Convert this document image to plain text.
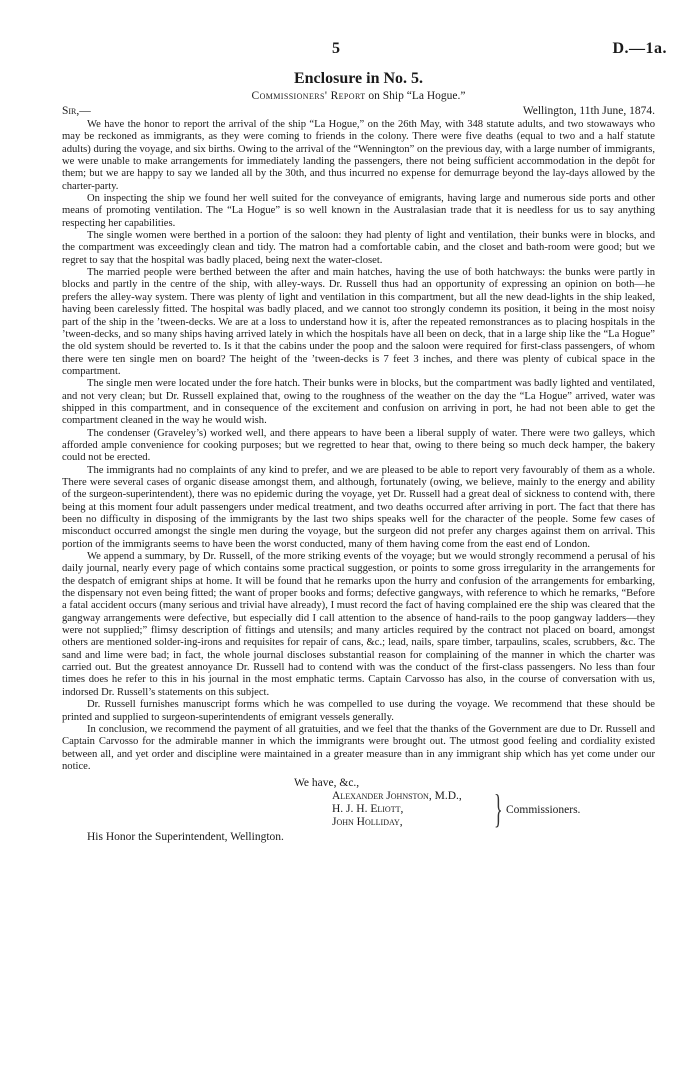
5	D.—1a.
Enclosure in No. 5.
Commissioners' Report on Ship “La Hogue.”
Sir,—	Wellington, 11th June, 1874.

We have the honor to report the arrival of the ship “La Hogue,” on the 26th May, with 348 statute adults, and two stowaways who may be reckoned as immigrants, as they were coming to friends in the colony. There were five deaths (equal to two and a half statute adults) during the voyage, and six births. Owing to the arrival of the “Wennington” on the previous day, with a large number of immigrants, we were unable to make arrangements for immediately landing the passengers, there not being sufficient accommodation in the depôt for them; but we are happy to say we landed all by the 30th, and thus incurred no expense for demurrage beyond the lay-days allowed by the charter-party.

On inspecting the ship we found her well suited for the conveyance of emigrants, having large and numerous side ports and other means of promoting ventilation. The “La Hogue” is so well known in the Australasian trade that it is needless for us to say anything respecting her capabilities.

The single women were berthed in a portion of the saloon: they had plenty of light and ventilation, their bunks were in blocks, and the compartment was exceedingly clean and tidy. The matron had a comfortable cabin, and the closet and bath-room were good; but we regret to say that the hospital was badly placed, being next the water-closet.

The married people were berthed between the after and main hatches, having the use of both hatchways: the bunks were partly in blocks and partly in the centre of the ship, with alley-ways. Dr. Russell thus had an opportunity of expressing an opinion on both—he prefers the alley-way system. There was plenty of light and ventilation in this compartment, but all the new dead-lights in the ship leaked, having been carelessly fitted. The hospital was badly placed, and we cannot too strongly condemn its position, it being in the most noisy part of the ship in the ’tween-decks. We are at a loss to understand how it is, after the repeated remonstrances as to placing hospitals in the ’tween-decks, and so many ships having arrived lately in which the hospitals have all been on deck, that in a large ship like the “La Hogue” the old system should be reverted to. Is it that the cabins under the poop and the saloon were required for first-class passengers, of whom there were ten single men on board? The height of the ’tween-decks is 7 feet 3 inches, and there was plenty of cubical space in the compartment.

The single men were located under the fore hatch. Their bunks were in blocks, but the compartment was badly lighted and ventilated, and not very clean; but Dr. Russell explained that, owing to the roughness of the weather on the day the “La Hogue” arrived, water was shipped in this compartment, and in consequence of the excitement and confusion on arriving in port, he had not been able to get the compartment cleaned in the way he would wish.

The condenser (Graveley’s) worked well, and there appears to have been a liberal supply of water. There were two galleys, which afforded ample convenience for cooking purposes; but we regretted to hear that, owing to there being so much deck hamper, the bakery could not be erected.

The immigrants had no complaints of any kind to prefer, and we are pleased to be able to report very favourably of them as a whole. There were several cases of organic disease amongst them, and although, fortunately (owing, we believe, mainly to the energy and ability of the surgeon-superintendent), there was no epidemic during the voyage, yet Dr. Russell had a great deal of sickness to contend with, there being at this moment four adult passengers under medical treatment, and two deaths occurred after arriving in port. The fact that there has been no difficulty in disposing of the immigrants by the last two ships speaks well for the character of the people. Some few cases of misconduct occurred amongst the single men during the voyage, but the surgeon did not prefer any charges against them on arrival. This portion of the immigrants seems to have been the worst conducted, many of them having come from the east end of London.

We append a summary, by Dr. Russell, of the more striking events of the voyage; but we would strongly recommend a perusal of his daily journal, nearly every page of which contains some practical suggestion, or points to some gross irregularity in the arrangements for the despatch of emigrant ships at home. It will be found that he remarks upon the hurry and confusion of the arrangements for embarking, the dispensary not even being fitted; the want of proper books and forms; defective gangways, with reference to which he remarks, “Before a fatal accident occurs (many serious and trivial have already), I must record the fact of having complained ere the ship was cleared that the gangway arrangements were defective, but especially did I call attention to the absence of hand-rails to the poop gangway ladders—they were not supplied;” flimsy description of fittings and utensils; and many articles required by the contract not placed on board, amongst others are mentioned solder-ing-irons and requisites for repair of cans, &c.; lead, nails, spare timber, tarpaulins, scales, scrubbers, &c. The sand and lime were bad; in fact, the whole journal discloses substantial reason for complaining of the manner in which the charter was carried out. But the greatest annoyance Dr. Russell had to contend with was the conduct of the first-class passengers. No less than four times does he refer to this in his journal in the most emphatic terms. Captain Carvosso has also, in the course of conversation with us, indorsed Dr. Russell’s statements on this subject.

Dr. Russell furnishes manuscript forms which he was compelled to use during the voyage. We recommend that these should be printed and supplied to surgeon-superintendents of emigrant vessels generally.

In conclusion, we recommend the payment of all gratuities, and we feel that the thanks of the Government are due to Dr. Russell and Captain Carvosso for the admirable manner in which the immigrants were brought out. The utmost good feeling and cordiality existed between all, and yet order and discipline were maintained in a greater measure than in any immigrant ship which has yet come under our notice.

We have, &c.,
Alexander Johnston, M.D.,
H. J. H. Eliott,
John Holliday,	} Commissioners.
His Honor the Superintendent, Wellington.
